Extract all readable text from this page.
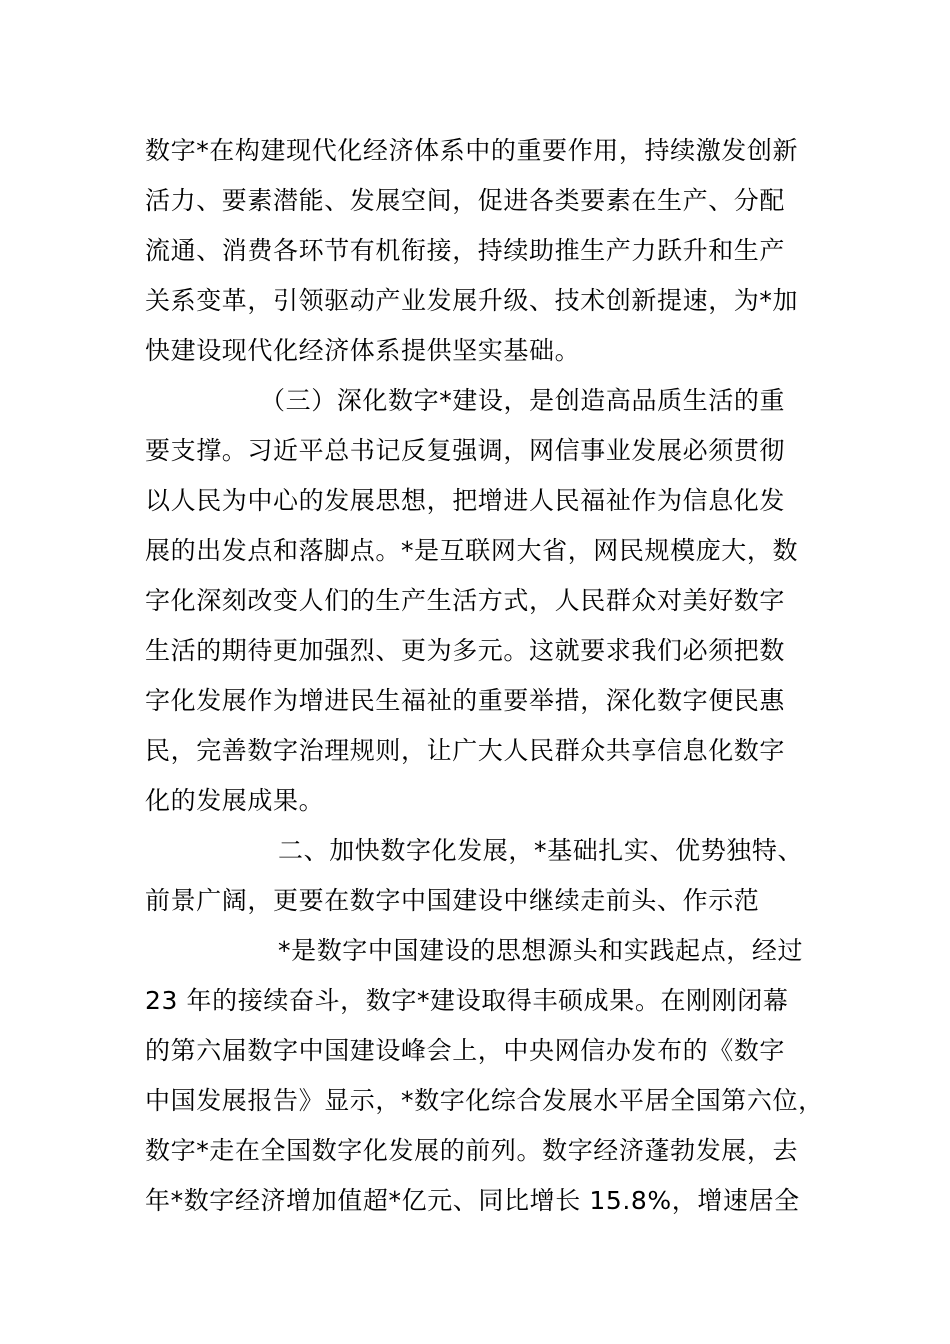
数字*在构建现代化经济体系中的重要作用，持续激发创新
活力、要素潜能、发展空间，促进各类要素在生产、分配
流通、消费各环节有机衔接，持续助推生产力跃升和生产
关系变革，引领驱动产业发展升级、技术创新提速，为*加
快建设现代化经济体系提供坚实基础。
（三）深化数字*建设，是创造高品质生活的重
要支撑。习近平总书记反复强调，网信事业发展必须贯彻
以人民为中心的发展思想，把增进人民福祉作为信息化发
展的出发点和落脚点。*是互联网大省，网民规模庞大，数
字化深刻改变人们的生产生活方式，人民群众对美好数字
生活的期待更加强烈、更为多元。这就要求我们必须把数
字化发展作为增进民生福祉的重要举措，深化数字便民惠
民，完善数字治理规则，让广大人民群众共享信息化数字
化的发展成果。
二、加快数字化发展，*基础扎实、优势独特、
前景广阔，更要在数字中国建设中继续走前头、作示范
*是数字中国建设的思想源头和实践起点，经过
23 年的接续奋斗，数字*建设取得丰硕成果。在刚刚闭幕
的第六届数字中国建设峰会上，中央网信办发布的《数字
中国发展报告》显示，*数字化综合发展水平居全国第六位，
数字*走在全国数字化发展的前列。数字经济蓬勃发展，去
年*数字经济增加值超*亿元、同比增长 15.8%，增速居全
